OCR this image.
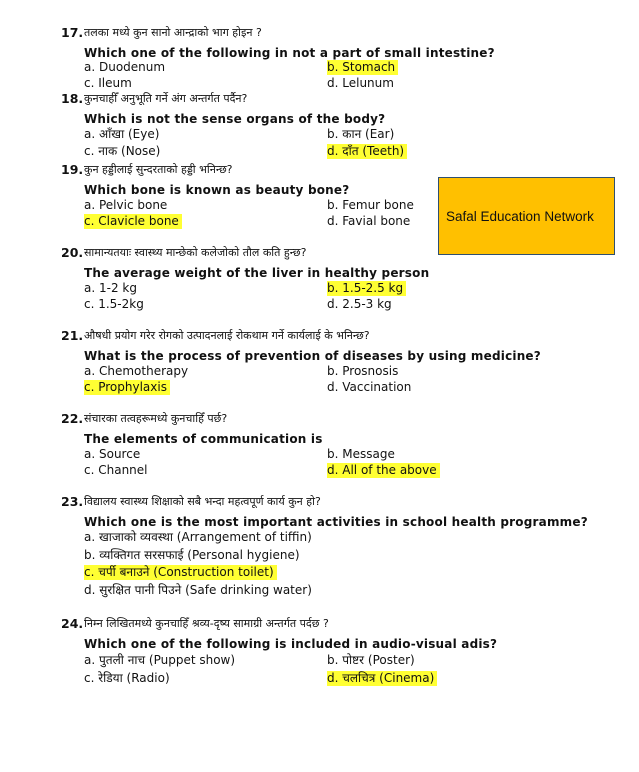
17. तलका मध्ये कुन सानो आन्द्राको भाग होइन ?
Which one of the following in not a part of small intestine?
a. Duodenum	b. Stomach
c. Ileum	d. Lelunum
18. कुनचाहीँ अनुभूति गर्ने अंग अन्तर्गत पर्दैन?
Which is not the sense organs of the body?
a. आँखा (Eye)	b. कान (Ear)
c. नाक (Nose)	d. दाँत (Teeth)
19. कुन हड्डीलाई सुन्दरताको हड्डी भनिन्छ?
Which bone is known as beauty bone?
a. Pelvic bone	b. Femur bone
c. Clavicle bone	d. Favial bone
20. सामान्यतयाः स्वास्थ्य मान्छेको कलेजोको तौल कति हुन्छ?
The average weight of the liver in healthy person
a. 1-2 kg	b. 1.5-2.5 kg
c. 1.5-2kg	d. 2.5-3 kg
21. औषधी प्रयोग गरेर रोगको उत्पादनलाई रोकथाम गर्ने कार्यलाई के भनिन्छ?
What is the process of prevention of diseases by using medicine?
a. Chemotherapy	b. Prosnosis
c. Prophylaxis	d. Vaccination
22. संचारका तत्वहरूमध्ये कुनचाहिँ पर्छ?
The elements of communication is
a. Source	b. Message
c. Channel	d. All of the above
23. विद्यालय स्वास्थ्य शिक्षाको सबै भन्दा महत्वपूर्ण कार्य कुन हो?
Which one is the most important activities in school health programme?
a. खाजाको व्यवस्था (Arrangement of tiffin)
b. व्यक्तिगत सरसफाई (Personal hygiene)
c. चर्पी बनाउने (Construction toilet)
d. सुरक्षित पानी पिउने (Safe drinking water)
24. निम्न लिखितमध्ये कुनचाहिँ श्रव्य-दृष्य सामाग्री अन्तर्गत पर्दछ ?
Which one of the following is included in audio-visual adis?
a. पुतली नाच (Puppet show)	b. पोष्टर (Poster)
c. रेडिया (Radio)	d. चलचित्र (Cinema)
Safal Education Network
